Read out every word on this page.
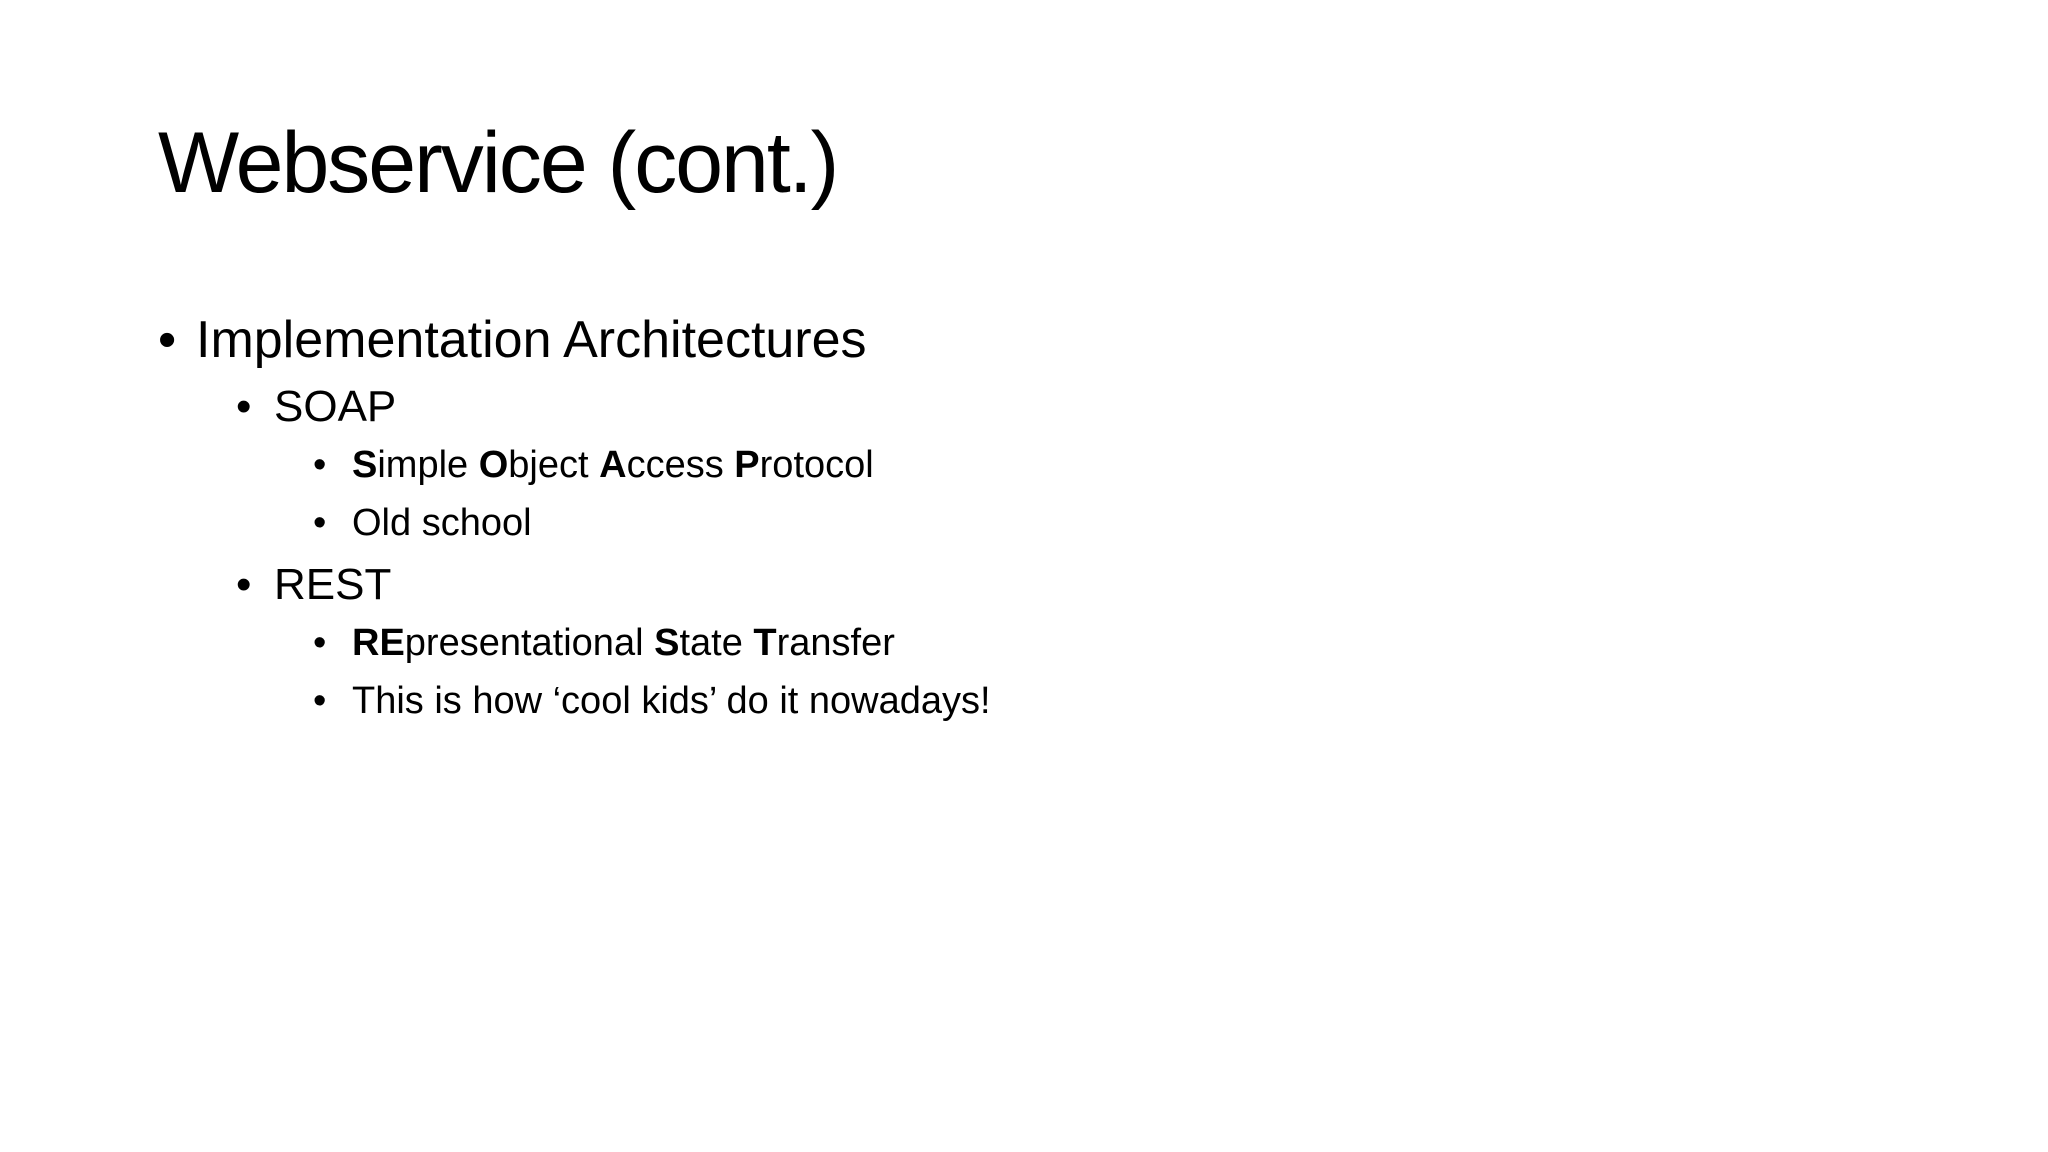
Webservice (cont.)
• Implementation Architectures
• SOAP
• Simple Object Access Protocol
• Old school
• REST
• REpresentational State Transfer
• This is how ‘cool kids’ do it nowadays!
